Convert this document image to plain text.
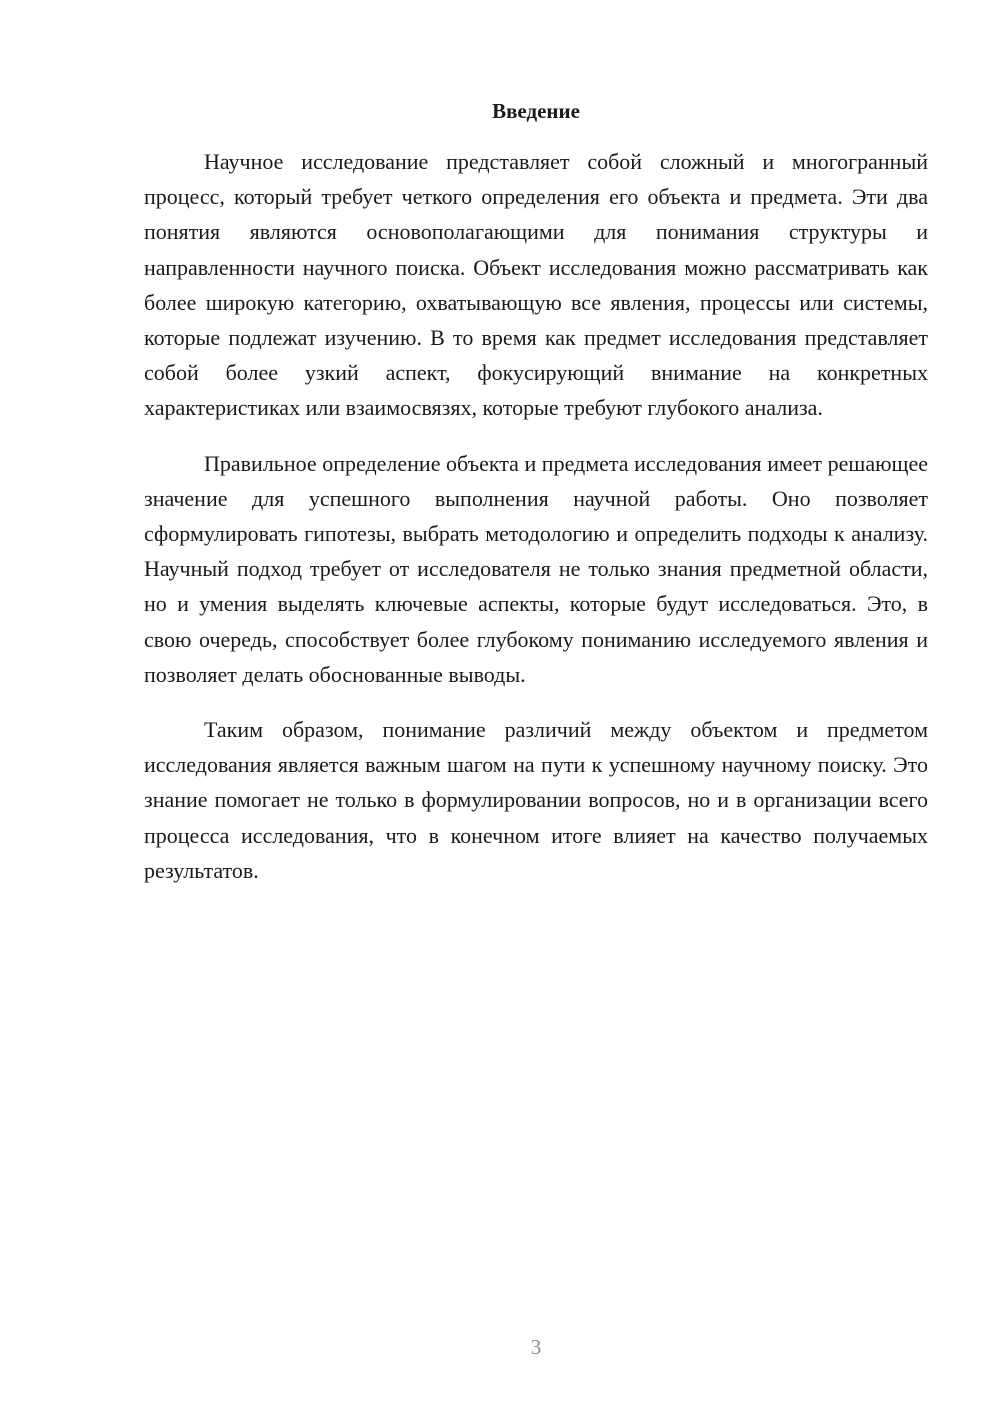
Введение

Научное исследование представляет собой сложный и многогранный процесс, который требует четкого определения его объекта и предмета. Эти два понятия являются основополагающими для понимания структуры и направленности научного поиска. Объект исследования можно рассматривать как более широкую категорию, охватывающую все явления, процессы или системы, которые подлежат изучению. В то время как предмет исследования представляет собой более узкий аспект, фокусирующий внимание на конкретных характеристиках или взаимосвязях, которые требуют глубокого анализа.

Правильное определение объекта и предмета исследования имеет решающее значение для успешного выполнения научной работы. Оно позволяет сформулировать гипотезы, выбрать методологию и определить подходы к анализу. Научный подход требует от исследователя не только знания предметной области, но и умения выделять ключевые аспекты, которые будут исследоваться. Это, в свою очередь, способствует более глубокому пониманию исследуемого явления и позволяет делать обоснованные выводы.

Таким образом, понимание различий между объектом и предметом исследования является важным шагом на пути к успешному научному поиску. Это знание помогает не только в формулировании вопросов, но и в организации всего процесса исследования, что в конечном итоге влияет на качество получаемых результатов.

3
